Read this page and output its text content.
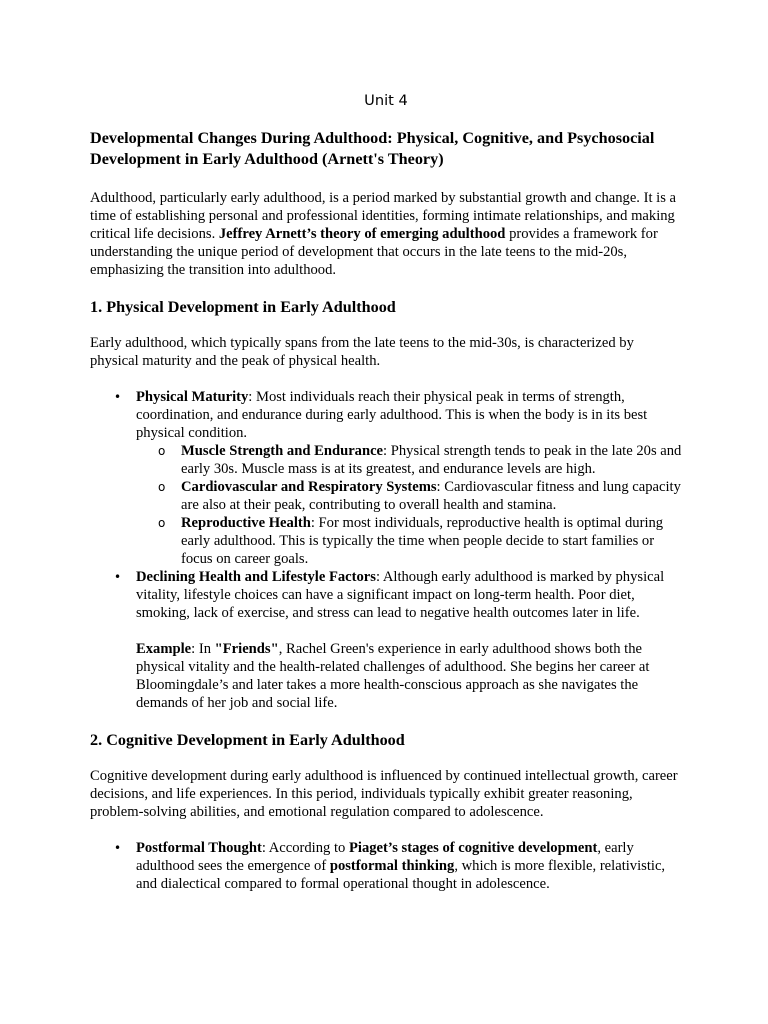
Unit 4
Developmental Changes During Adulthood: Physical, Cognitive, and Psychosocial Development in Early Adulthood (Arnett's Theory)

Adulthood, particularly early adulthood, is a period marked by substantial growth and change. It is a time of establishing personal and professional identities, forming intimate relationships, and making critical life decisions. Jeffrey Arnett’s theory of emerging adulthood provides a framework for understanding the unique period of development that occurs in the late teens to the mid-20s, emphasizing the transition into adulthood.

1. Physical Development in Early Adulthood

Early adulthood, which typically spans from the late teens to the mid-30s, is characterized by physical maturity and the peak of physical health.

• Physical Maturity: Most individuals reach their physical peak in terms of strength, coordination, and endurance during early adulthood. This is when the body is in its best physical condition.
o Muscle Strength and Endurance: Physical strength tends to peak in the late 20s and early 30s. Muscle mass is at its greatest, and endurance levels are high.
o Cardiovascular and Respiratory Systems: Cardiovascular fitness and lung capacity are also at their peak, contributing to overall health and stamina.
o Reproductive Health: For most individuals, reproductive health is optimal during early adulthood. This is typically the time when people decide to start families or focus on career goals.
• Declining Health and Lifestyle Factors: Although early adulthood is marked by physical vitality, lifestyle choices can have a significant impact on long-term health. Poor diet, smoking, lack of exercise, and stress can lead to negative health outcomes later in life.
Example: In "Friends", Rachel Green's experience in early adulthood shows both the physical vitality and the health-related challenges of adulthood. She begins her career at Bloomingdale’s and later takes a more health-conscious approach as she navigates the demands of her job and social life.
2. Cognitive Development in Early Adulthood

Cognitive development during early adulthood is influenced by continued intellectual growth, career decisions, and life experiences. In this period, individuals typically exhibit greater reasoning, problem-solving abilities, and emotional regulation compared to adolescence.

• Postformal Thought: According to Piaget’s stages of cognitive development, early adulthood sees the emergence of postformal thinking, which is more flexible, relativistic, and dialectical compared to formal operational thought in adolescence.
